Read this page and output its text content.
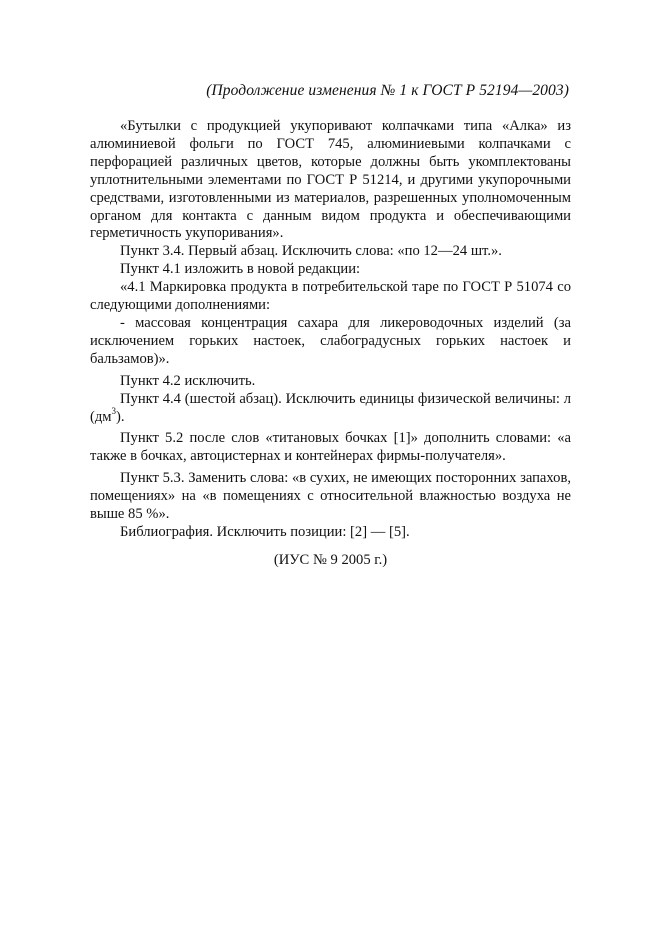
(Продолжение изменения № 1 к ГОСТ Р 52194—2003)

«Бутылки с продукцией укупоривают колпачками типа «Алка» из алюминиевой фольги по ГОСТ 745, алюминиевыми колпачками с перфорацией различных цветов, которые должны быть укомплектованы уплотнительными элементами по ГОСТ Р 51214, и другими укупорочными средствами, изготовленными из материалов, разрешенных уполномоченным органом для контакта с данным видом продукта и обеспечивающими герметичность укупоривания».

Пункт 3.4. Первый абзац. Исключить слова: «по 12—24 шт.».

Пункт 4.1 изложить в новой редакции:

«4.1 Маркировка продукта в потребительской таре по ГОСТ Р 51074 со следующими дополнениями:

- массовая концентрация сахара для ликероводочных изделий (за исключением горьких настоек, слабоградусных горьких настоек и бальзамов)».

Пункт 4.2 исключить.

Пункт 4.4 (шестой абзац). Исключить единицы физической величины: л $(дм^3)$.

Пункт 5.2 после слов «титановых бочках [1]» дополнить словами: «а также в бочках, автоцистернах и контейнерах фирмы-получателя».

Пункт 5.3. Заменить слова: «в сухих, не имеющих посторонних запахов, помещениях» на «в помещениях с относительной влажностью воздуха не выше 85 %».

Библиография. Исключить позиции: [2] — [5].

(ИУС № 9 2005 г.)
